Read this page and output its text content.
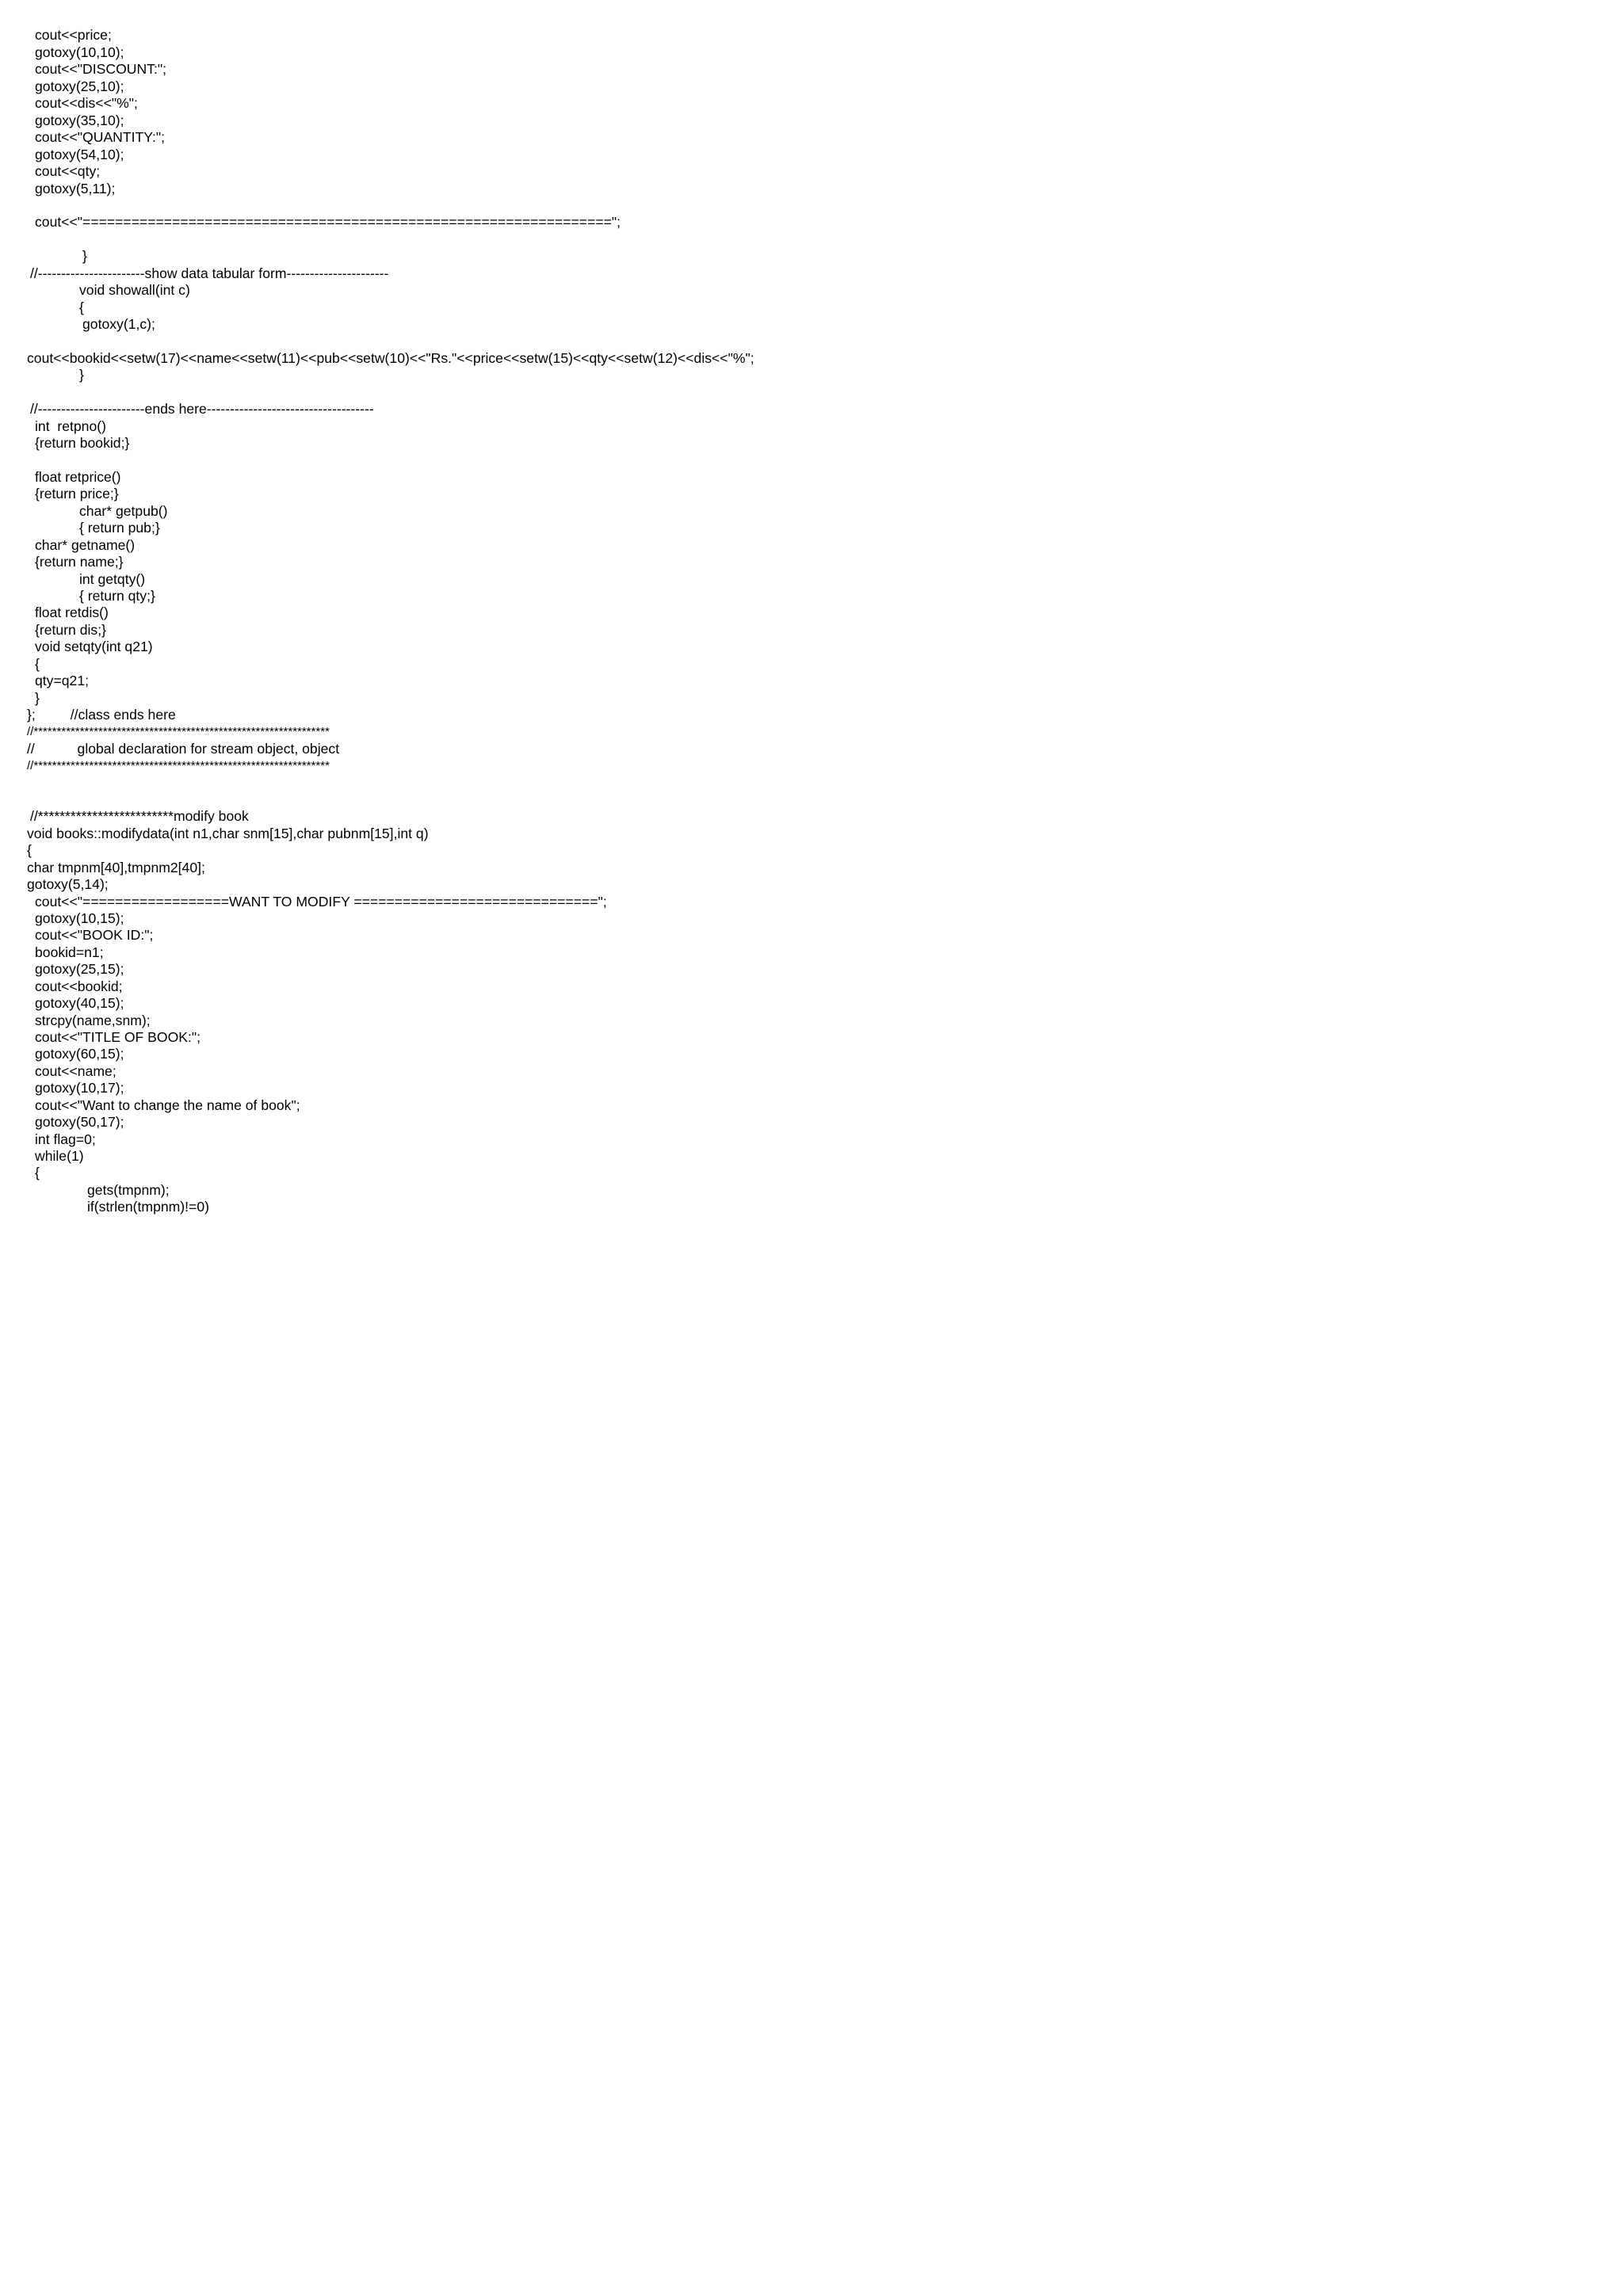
cout<<price;
gotoxy(10,10);
cout<<"DISCOUNT:";
gotoxy(25,10);
cout<<dis<<"%";
gotoxy(35,10);
cout<<"QUANTITY:";
gotoxy(54,10);
cout<<qty;
gotoxy(5,11);
cout<<"=================================================================";
}
//-----------------------show data tabular form----------------------
void showall(int c)
{
gotoxy(1,c);
cout<<bookid<<setw(17)<<name<<setw(11)<<pub<<setw(10)<<"Rs."<<price<<setw(15)<<qty<<setw(12)<<dis<<"%";
}
//-----------------------ends here------------------------------------
int  retpno()
{return bookid;}
float retprice()
{return price;}
char* getpub()
{ return pub;}
char* getname()
{return name;}
int getqty()
{ return qty;}
float retdis()
{return dis;}
void setqty(int q21)
{
qty=q21;
}
};         //class ends here
//****************************************************************
//           global declaration for stream object, object
//****************************************************************
//*************************modify book
void books::modifydata(int n1,char snm[15],char pubnm[15],int q)
{
char tmpnm[40],tmpnm2[40];
gotoxy(5,14);
cout<<"==================WANT TO MODIFY ==============================";
gotoxy(10,15);
cout<<"BOOK ID:";
bookid=n1;
gotoxy(25,15);
cout<<bookid;
gotoxy(40,15);
strcpy(name,snm);
cout<<"TITLE OF BOOK:";
gotoxy(60,15);
cout<<name;
gotoxy(10,17);
cout<<"Want to change the name of book";
gotoxy(50,17);
int flag=0;
while(1)
{
gets(tmpnm);
if(strlen(tmpnm)!=0)
